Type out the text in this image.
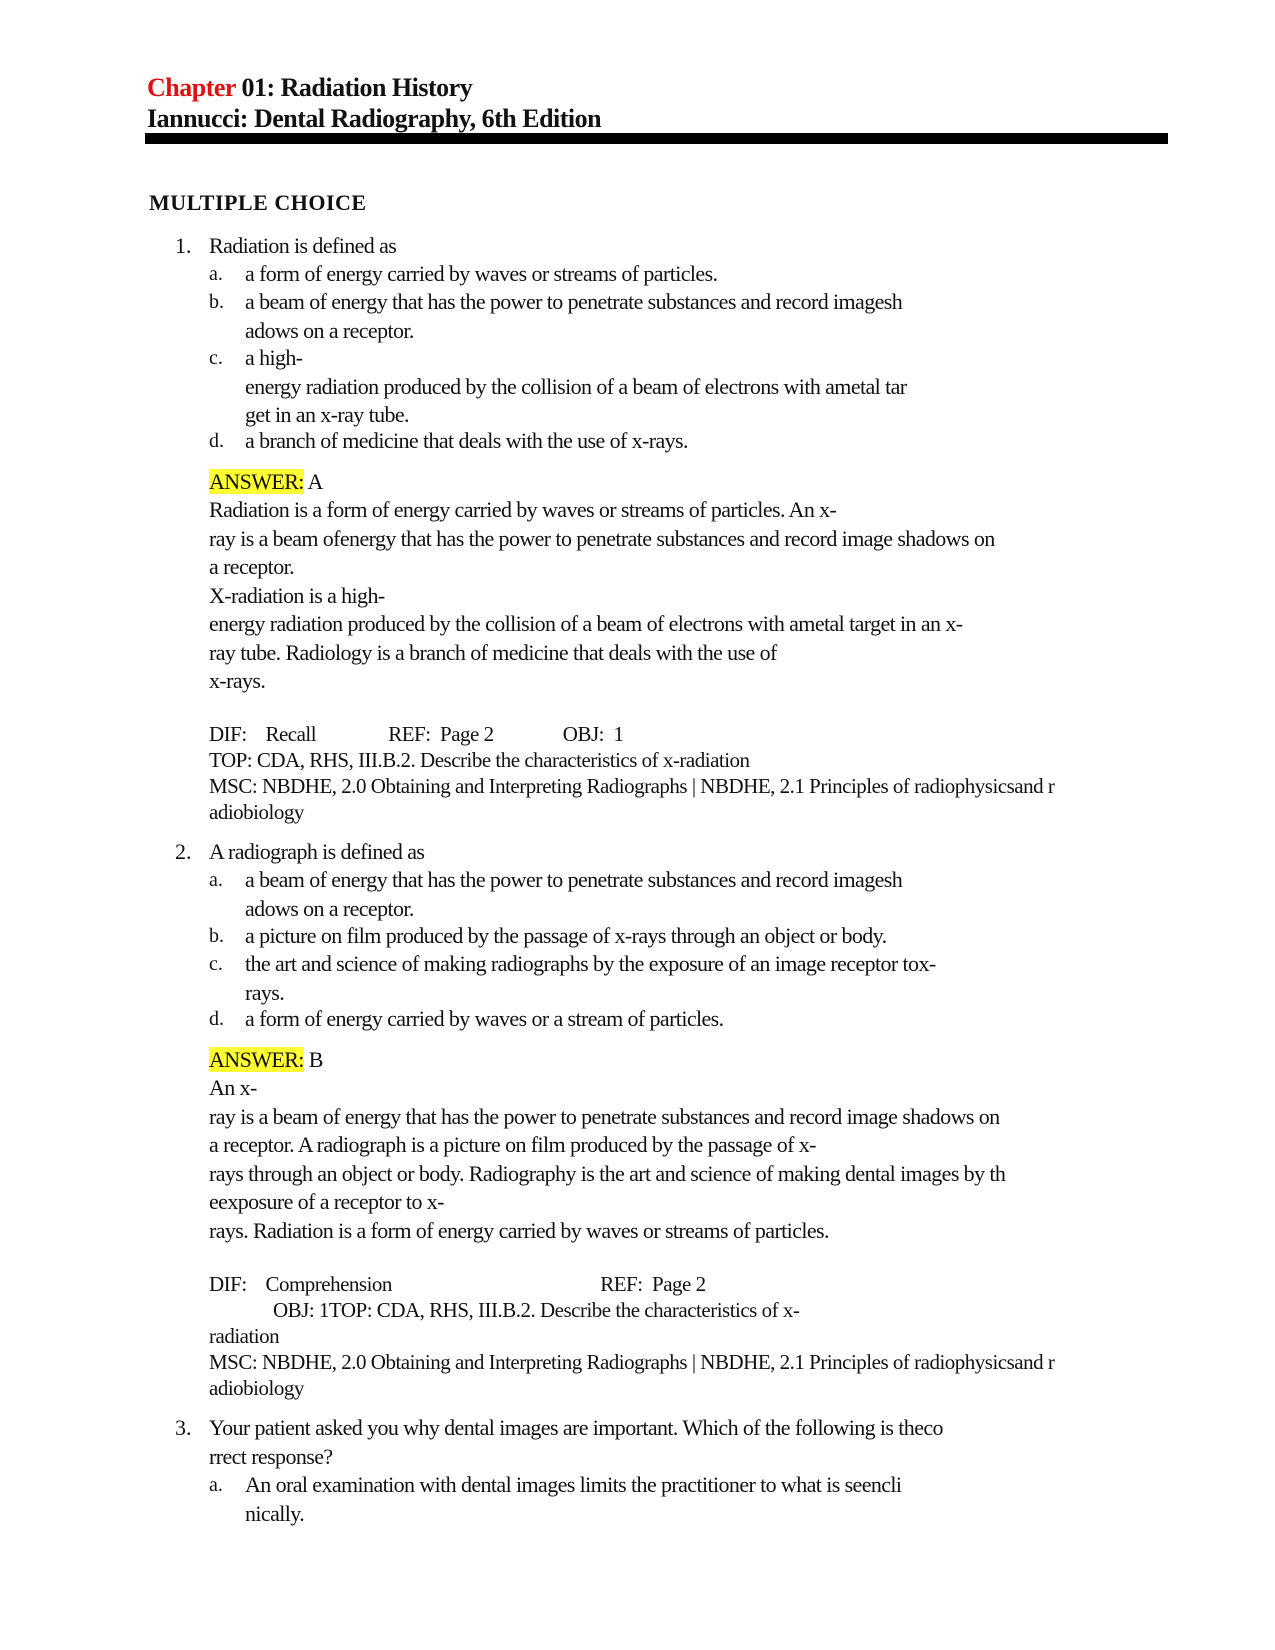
Chapter 01: Radiation History
Iannucci: Dental Radiography, 6th Edition
MULTIPLE CHOICE
1. Radiation is defined as
a. a form of energy carried by waves or streams of particles.
b. a beam of energy that has the power to penetrate substances and record imagesh
adows on a receptor.
c. a high-
energy radiation produced by the collision of a beam of electrons with ametal tar
get in an x-ray tube.
d. a branch of medicine that deals with the use of x-rays.
ANSWER: A
Radiation is a form of energy carried by waves or streams of particles. An x-
ray is a beam ofenergy that has the power to penetrate substances and record image shadows on
a receptor.
X-radiation is a high-
energy radiation produced by the collision of a beam of electrons with ametal target in an x-
ray tube. Radiology is a branch of medicine that deals with the use of
x-rays.
DIF: Recall	REF: Page 2	OBJ: 1
TOP: CDA, RHS, III.B.2. Describe the characteristics of x-radiation
MSC: NBDHE, 2.0 Obtaining and Interpreting Radiographs | NBDHE, 2.1 Principles of radiophysicsand r
adiobiology
2. A radiograph is defined as
a. a beam of energy that has the power to penetrate substances and record imagesh
adows on a receptor.
b. a picture on film produced by the passage of x-rays through an object or body.
c. the art and science of making radiographs by the exposure of an image receptor tox-
rays.
d. a form of energy carried by waves or a stream of particles.
ANSWER: B
An x-
ray is a beam of energy that has the power to penetrate substances and record image shadows on
a receptor. A radiograph is a picture on film produced by the passage of x-
rays through an object or body. Radiography is the art and science of making dental images by th
eexposure of a receptor to x-
rays. Radiation is a form of energy carried by waves or streams of particles.
DIF: Comprehension	REF: Page 2
OBJ: 1TOP: CDA, RHS, III.B.2. Describe the characteristics of x-
radiation
MSC: NBDHE, 2.0 Obtaining and Interpreting Radiographs | NBDHE, 2.1 Principles of radiophysicsand r
adiobiology
3. Your patient asked you why dental images are important. Which of the following is theco
rrect response?
a. An oral examination with dental images limits the practitioner to what is seencli
nically.
